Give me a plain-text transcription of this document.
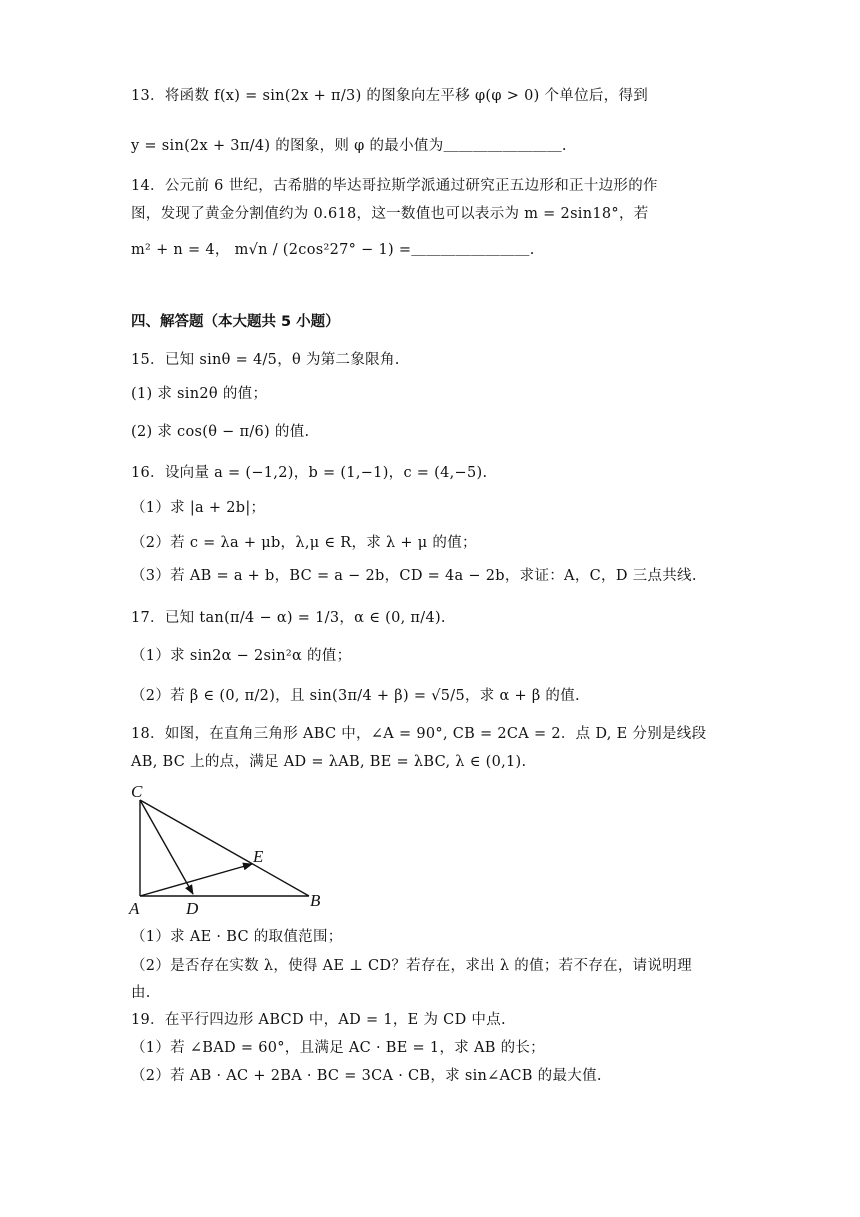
13．将函数 f(x) = sin(2x + π/3) 的图象向左平移 φ(φ > 0) 个单位后，得到
y = sin(2x + 3π/4) 的图象，则 φ 的最小值为＿＿＿＿＿＿＿＿.
14．公元前 6 世纪，古希腊的毕达哥拉斯学派通过研究正五边形和正十边形的作
图，发现了黄金分割值约为 0.618，这一数值也可以表示为 m = 2sin18°，若
m² + n = 4， m√n / (2cos²27° − 1) =＿＿＿＿＿＿＿＿.
四、解答题（本大题共 5 小题）
15．已知 sinθ = 4/5，θ 为第二象限角.
(1) 求 sin2θ 的值；
(2) 求 cos(θ − π/6) 的值.
16．设向量 a = (−1,2)，b = (1,−1)，c = (4,−5).
（1）求 |a + 2b|；
（2）若 c = λa + μb，λ,μ ∈ R，求 λ + μ 的值；
（3）若 AB = a + b，BC = a − 2b，CD = 4a − 2b，求证：A，C，D 三点共线.
17．已知 tan(π/4 − α) = 1/3，α ∈ (0, π/4).
（1）求 sin2α − 2sin²α 的值；
（2）若 β ∈ (0, π/2)，且 sin(3π/4 + β) = √5/5，求 α + β 的值.
18．如图，在直角三角形 ABC 中，∠A = 90°, CB = 2CA = 2．点 D, E 分别是线段
AB, BC 上的点，满足 AD = λAB, BE = λBC, λ ∈ (0,1).
C
A	D
E
B
（1）求 AE · BC 的取值范围；
（2）是否存在实数 λ，使得 AE ⊥ CD？若存在，求出 λ 的值；若不存在，请说明理
由.
19．在平行四边形 ABCD 中，AD = 1，E 为 CD 中点.
（1）若 ∠BAD = 60°，且满足 AC · BE = 1，求 AB 的长；
（2）若 AB · AC + 2BA · BC = 3CA · CB，求 sin∠ACB 的最大值.
